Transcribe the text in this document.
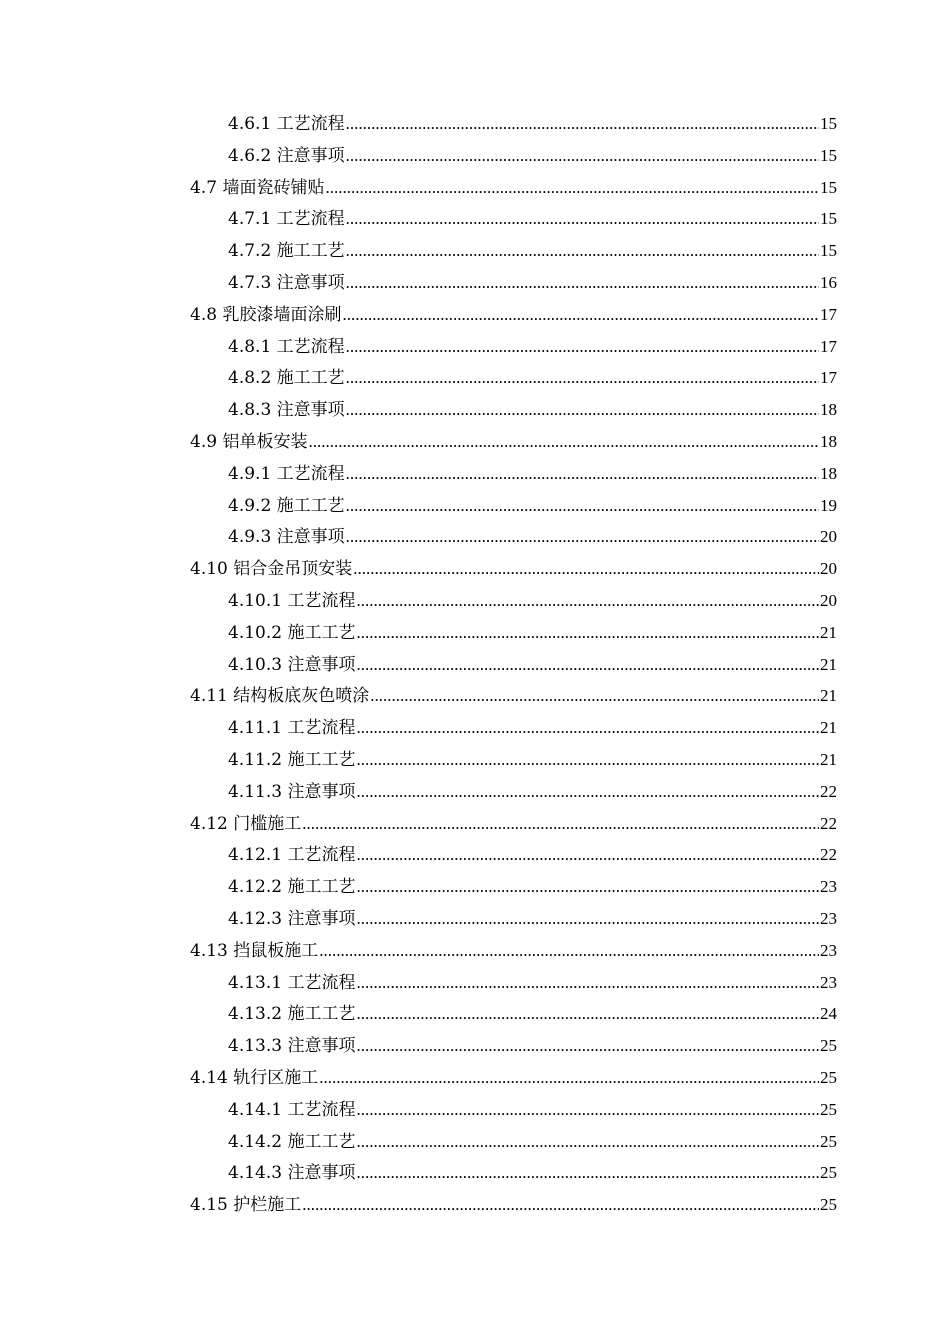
4.6.1 工艺流程 .....	15
4.6.2 注意事项 .....	15
4.7 墙面瓷砖铺贴 .....	15
4.7.1 工艺流程 .....	15
4.7.2 施工工艺 .....	15
4.7.3 注意事项 .....	16
4.8 乳胶漆墙面涂刷 .....	17
4.8.1 工艺流程 .....	17
4.8.2 施工工艺 .....	17
4.8.3 注意事项 .....	18
4.9 铝单板安装 .....	18
4.9.1 工艺流程 .....	18
4.9.2 施工工艺 .....	19
4.9.3 注意事项 .....	20
4.10 铝合金吊顶安装 .....	20
4.10.1 工艺流程 .....	20
4.10.2 施工工艺 .....	21
4.10.3 注意事项 .....	21
4.11 结构板底灰色喷涂 .....	21
4.11.1 工艺流程 .....	21
4.11.2 施工工艺 .....	21
4.11.3 注意事项 .....	22
4.12 门槛施工 .....	22
4.12.1 工艺流程 .....	22
4.12.2 施工工艺 .....	23
4.12.3 注意事项 .....	23
4.13 挡鼠板施工 .....	23
4.13.1 工艺流程 .....	23
4.13.2 施工工艺 .....	24
4.13.3 注意事项 .....	25
4.14 轨行区施工 .....	25
4.14.1 工艺流程 .....	25
4.14.2 施工工艺 .....	25
4.14.3 注意事项 .....	25
4.15 护栏施工 .....	25
